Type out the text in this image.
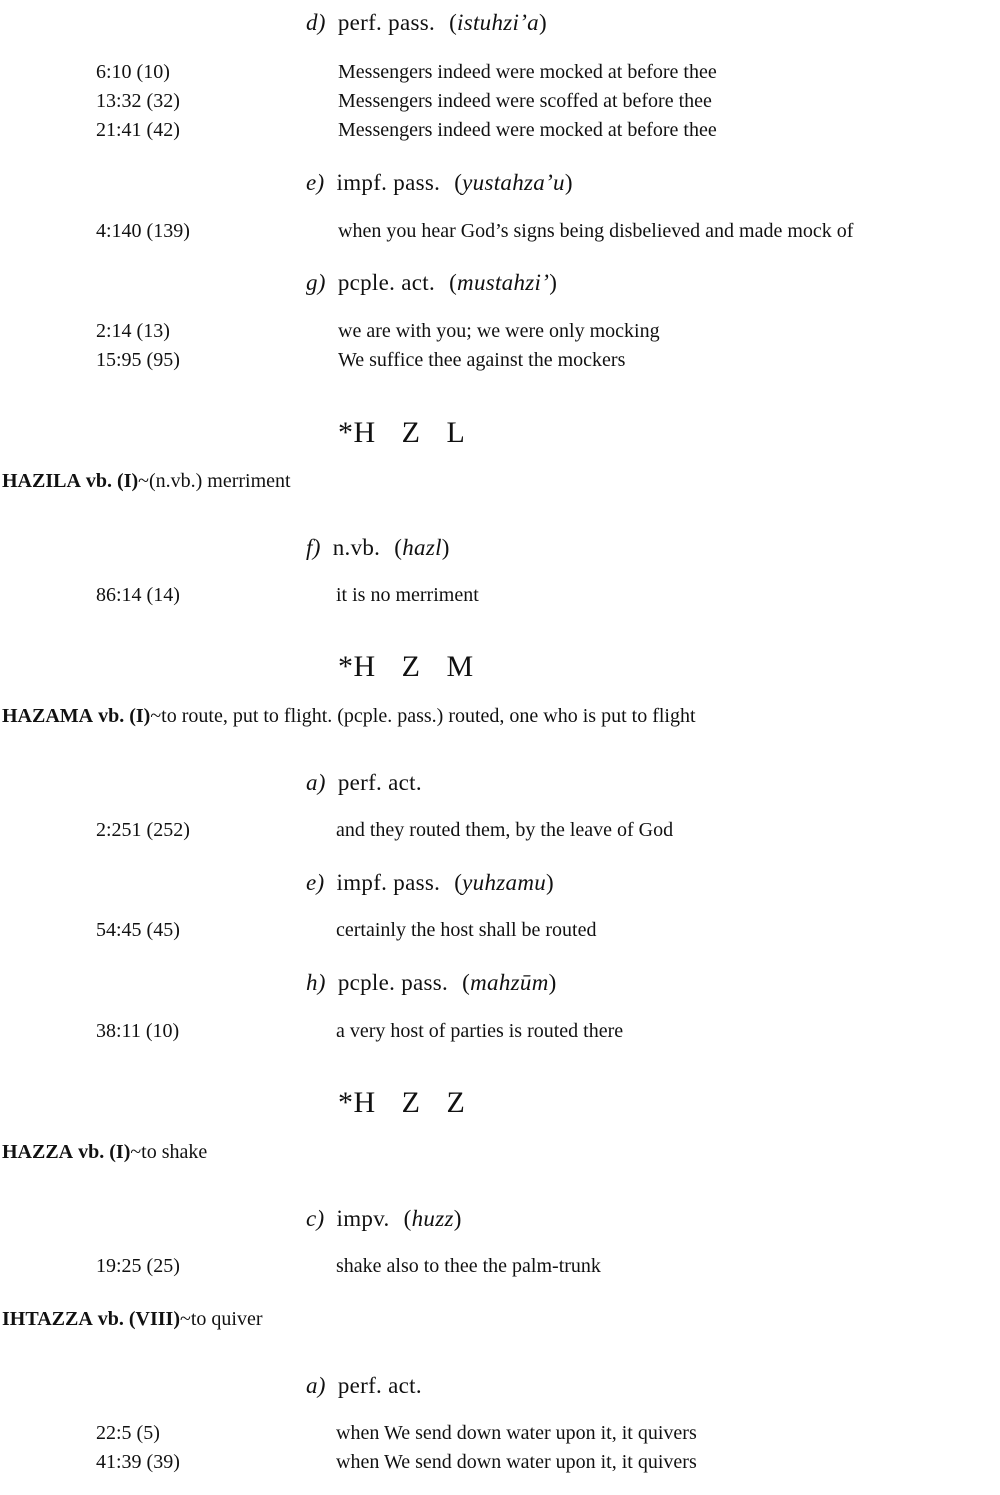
d) perf. pass. (istuhzi’a)
6:10 (10)	Messengers indeed were mocked at before thee
13:32 (32)	Messengers indeed were scoffed at before thee
21:41 (42)	Messengers indeed were mocked at before thee
e) impf. pass. (yustahza’u)
4:140 (139)	when you hear God’s signs being disbelieved and made mock of
g) pcple. act. (mustahzi’)
2:14 (13)	we are with you; we were only mocking
15:95 (95)	We suffice thee against the mockers
*H Z L
HAZILA vb. (I)~(n.vb.) merriment
f) n.vb. (hazl)
86:14 (14)	it is no merriment
*H Z M
HAZAMA vb. (I)~to route, put to flight. (pcple. pass.) routed, one who is put to flight
a) perf. act.
2:251 (252)	and they routed them, by the leave of God
e) impf. pass. (yuhzamu)
54:45 (45)	certainly the host shall be routed
h) pcple. pass. (mahzūm)
38:11 (10)	a very host of parties is routed there
*H Z Z
HAZZA vb. (I)~to shake
c) impv. (huzz)
19:25 (25)	shake also to thee the palm-trunk
IHTAZZA vb. (VIII)~to quiver
a) perf. act.
22:5 (5)	when We send down water upon it, it quivers
41:39 (39)	when We send down water upon it, it quivers
